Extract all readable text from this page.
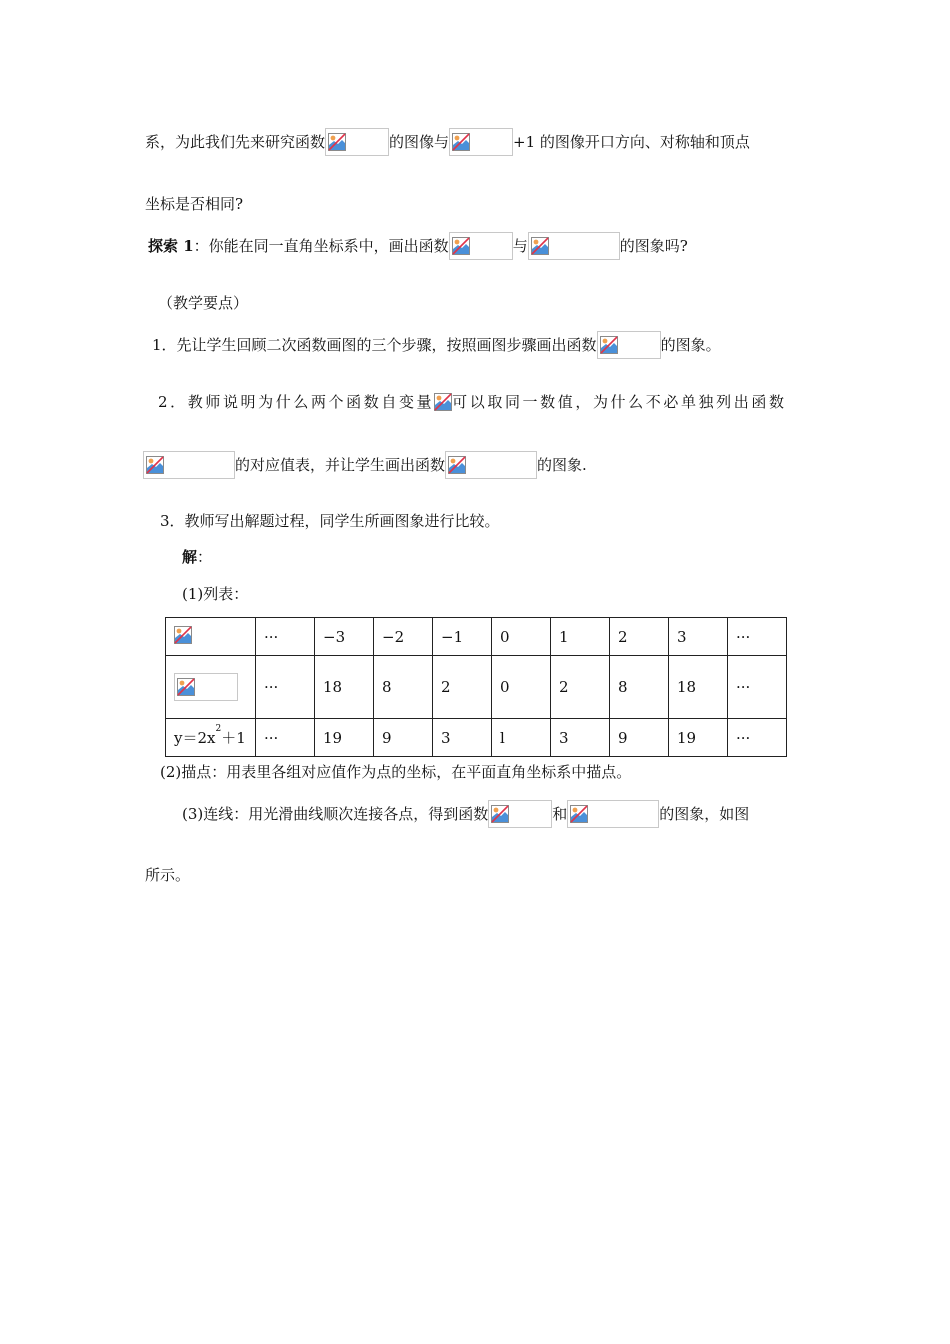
系，为此我们先来研究函数	的图像与	+1 的图像开口方向、对称轴和顶点
坐标是否相同?
探索 1：你能在同一直角坐标系中，画出函数	与	的图象吗?
（教学要点）
1．先让学生回顾二次函数画图的三个步骤，按照画图步骤画出函数	的图象。
2．教师说明为什么两个函数自变量 可以取同一数值，为什么不必单独列出函数
的对应值表，并让学生画出函数	的图象.
3．教师写出解题过程，同学生所画图象进行比较。
解：
(1)列表：
	···	−3	−2	−1	0	1	2	3	···

	···	18	8	2	0	2	8	18	···
$y=2x^2+1$	···	19	9	3	l	3	9	19	···
(2)描点：用表里各组对应值作为点的坐标，在平面直角坐标系中描点。
(3)连线：用光滑曲线顺次连接各点，得到函数	和	的图象，如图
所示。
